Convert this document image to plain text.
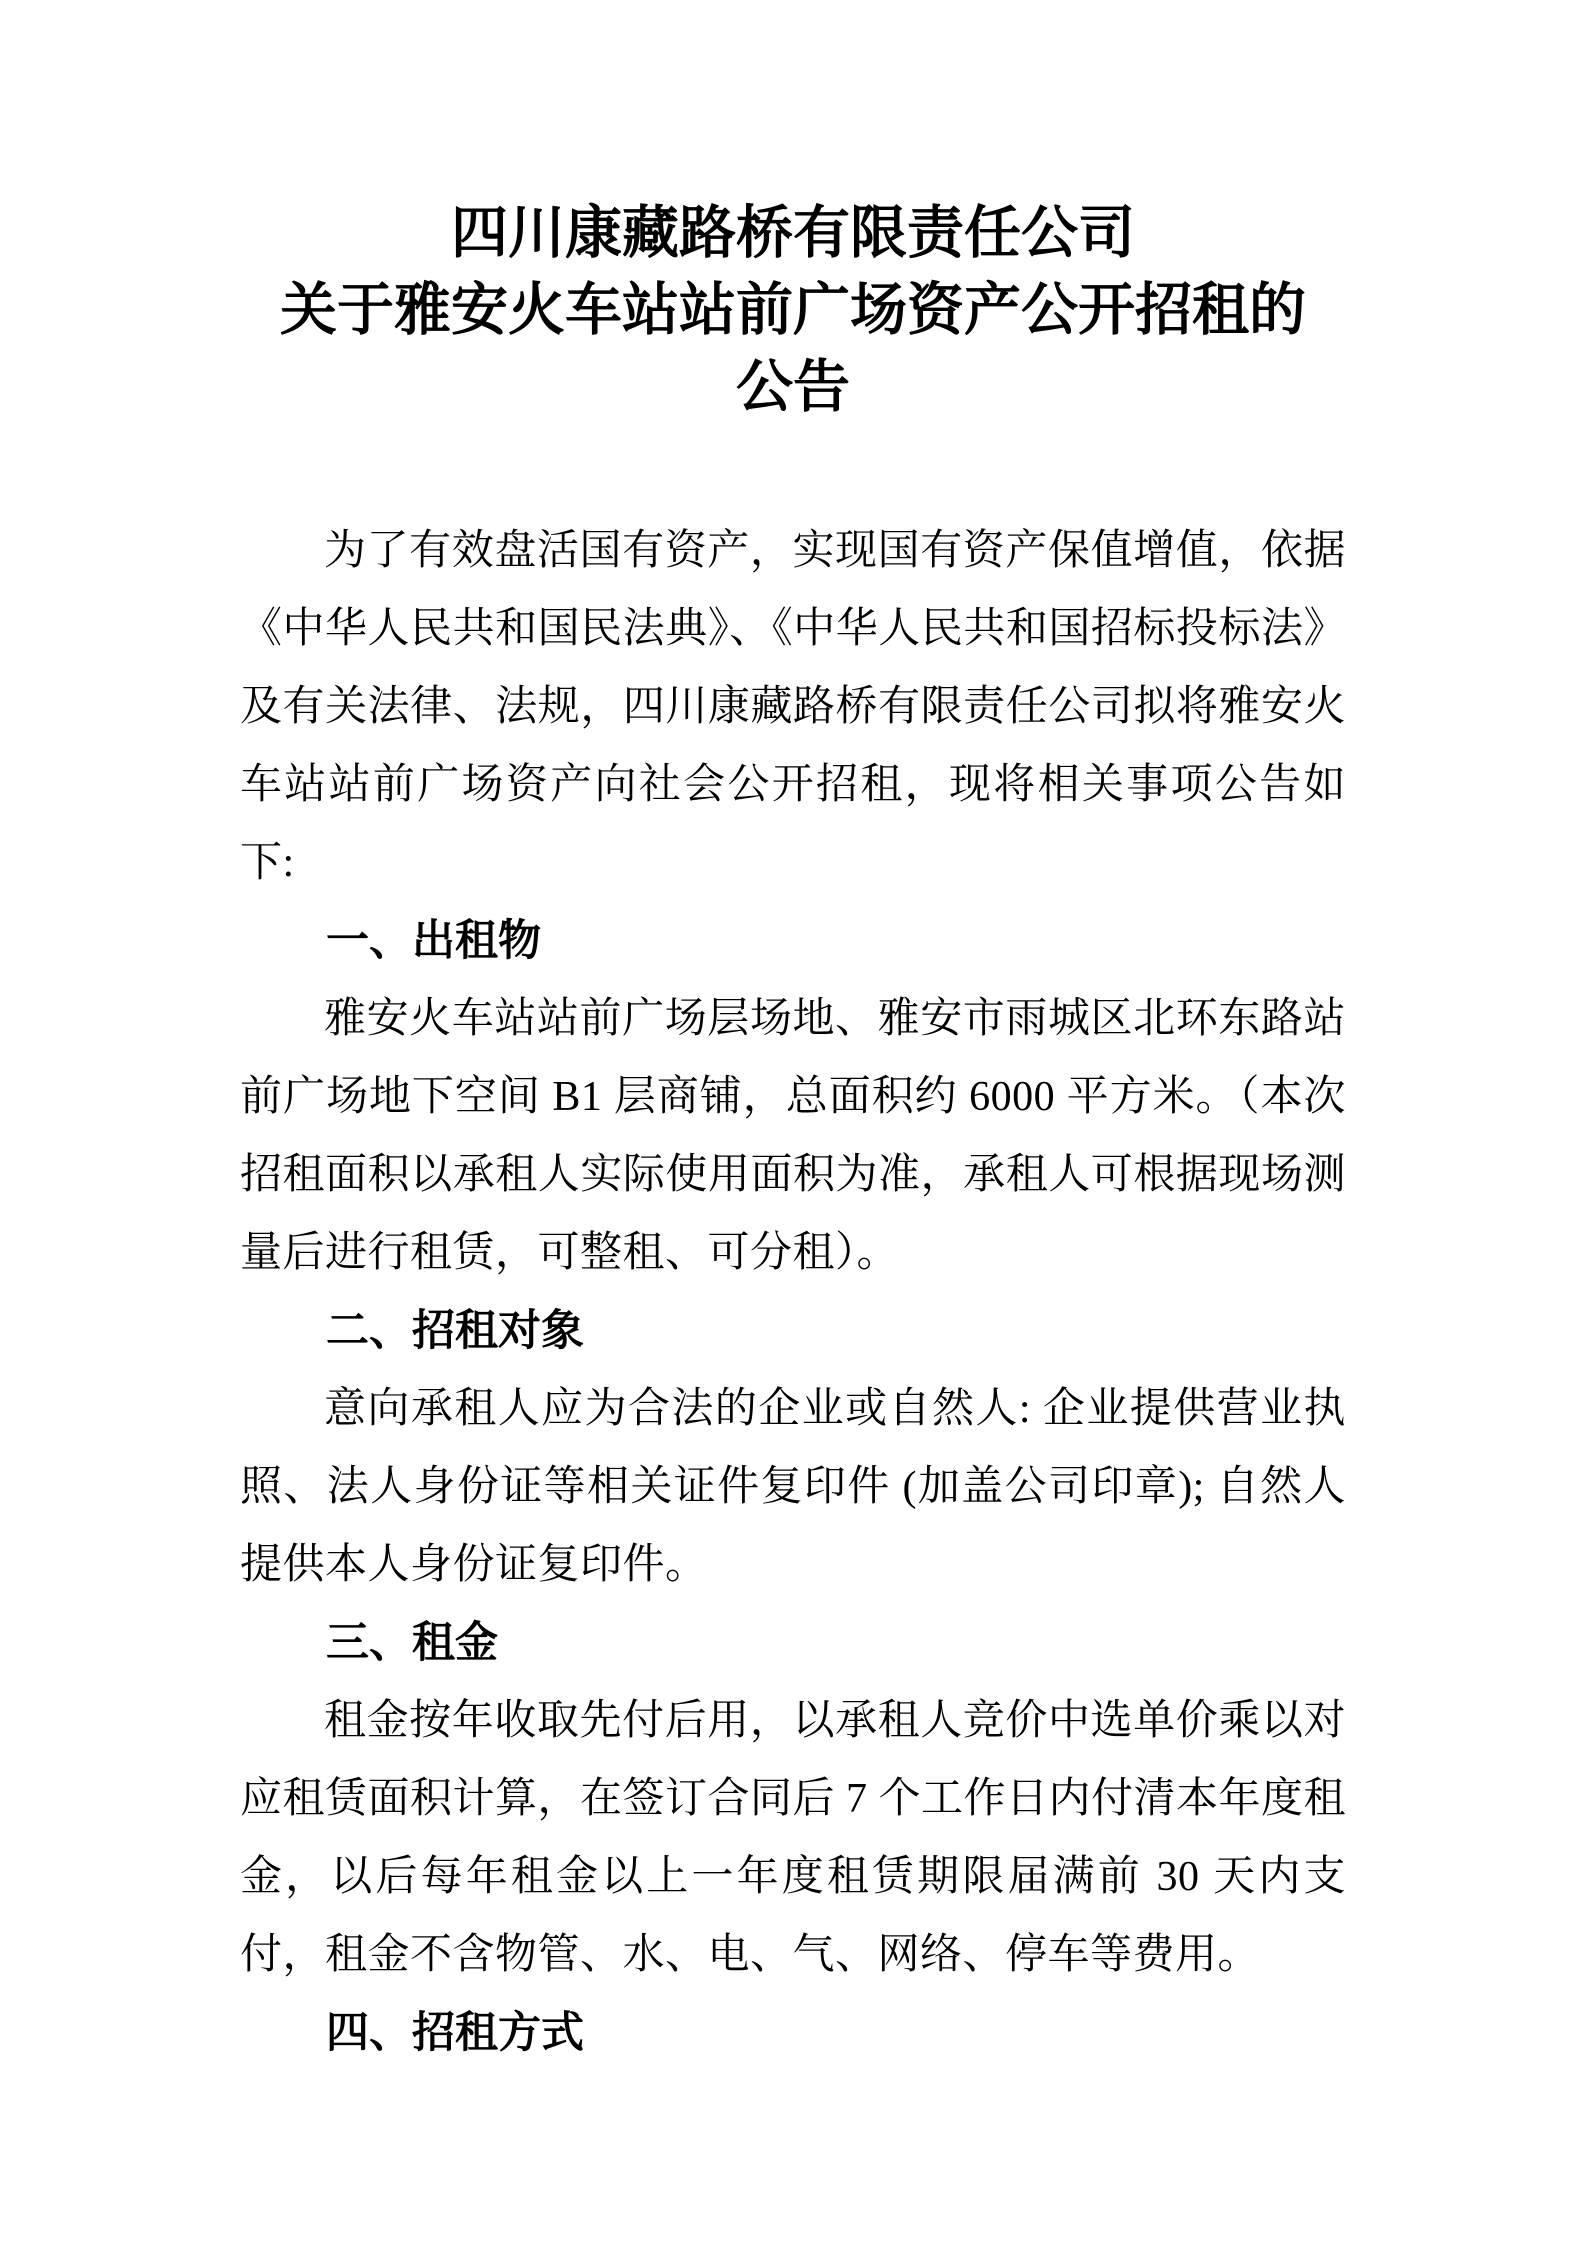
四川康藏路桥有限责任公司
关于雅安火车站站前广场资产公开招租的
公告

为了有效盘活国有资产，实现国有资产保值增值，依据《中华人民共和国民法典》、《中华人民共和国招标投标法》及有关法律、法规，四川康藏路桥有限责任公司拟将雅安火车站站前广场资产向社会公开招租，现将相关事项公告如下:

一、出租物

雅安火车站站前广场层场地、雅安市雨城区北环东路站前广场地下空间 B1 层商铺，总面积约 6000 平方米。（本次招租面积以承租人实际使用面积为准，承租人可根据现场测量后进行租赁，可整租、可分租）。

二、招租对象

意向承租人应为合法的企业或自然人: 企业提供营业执照、法人身份证等相关证件复印件 (加盖公司印章); 自然人提供本人身份证复印件。

三、租金

租金按年收取先付后用，以承租人竞价中选单价乘以对应租赁面积计算，在签订合同后 7 个工作日内付清本年度租金，以后每年租金以上一年度租赁期限届满前 30 天内支付，租金不含物管、水、电、气、网络、停车等费用。

四、招租方式
